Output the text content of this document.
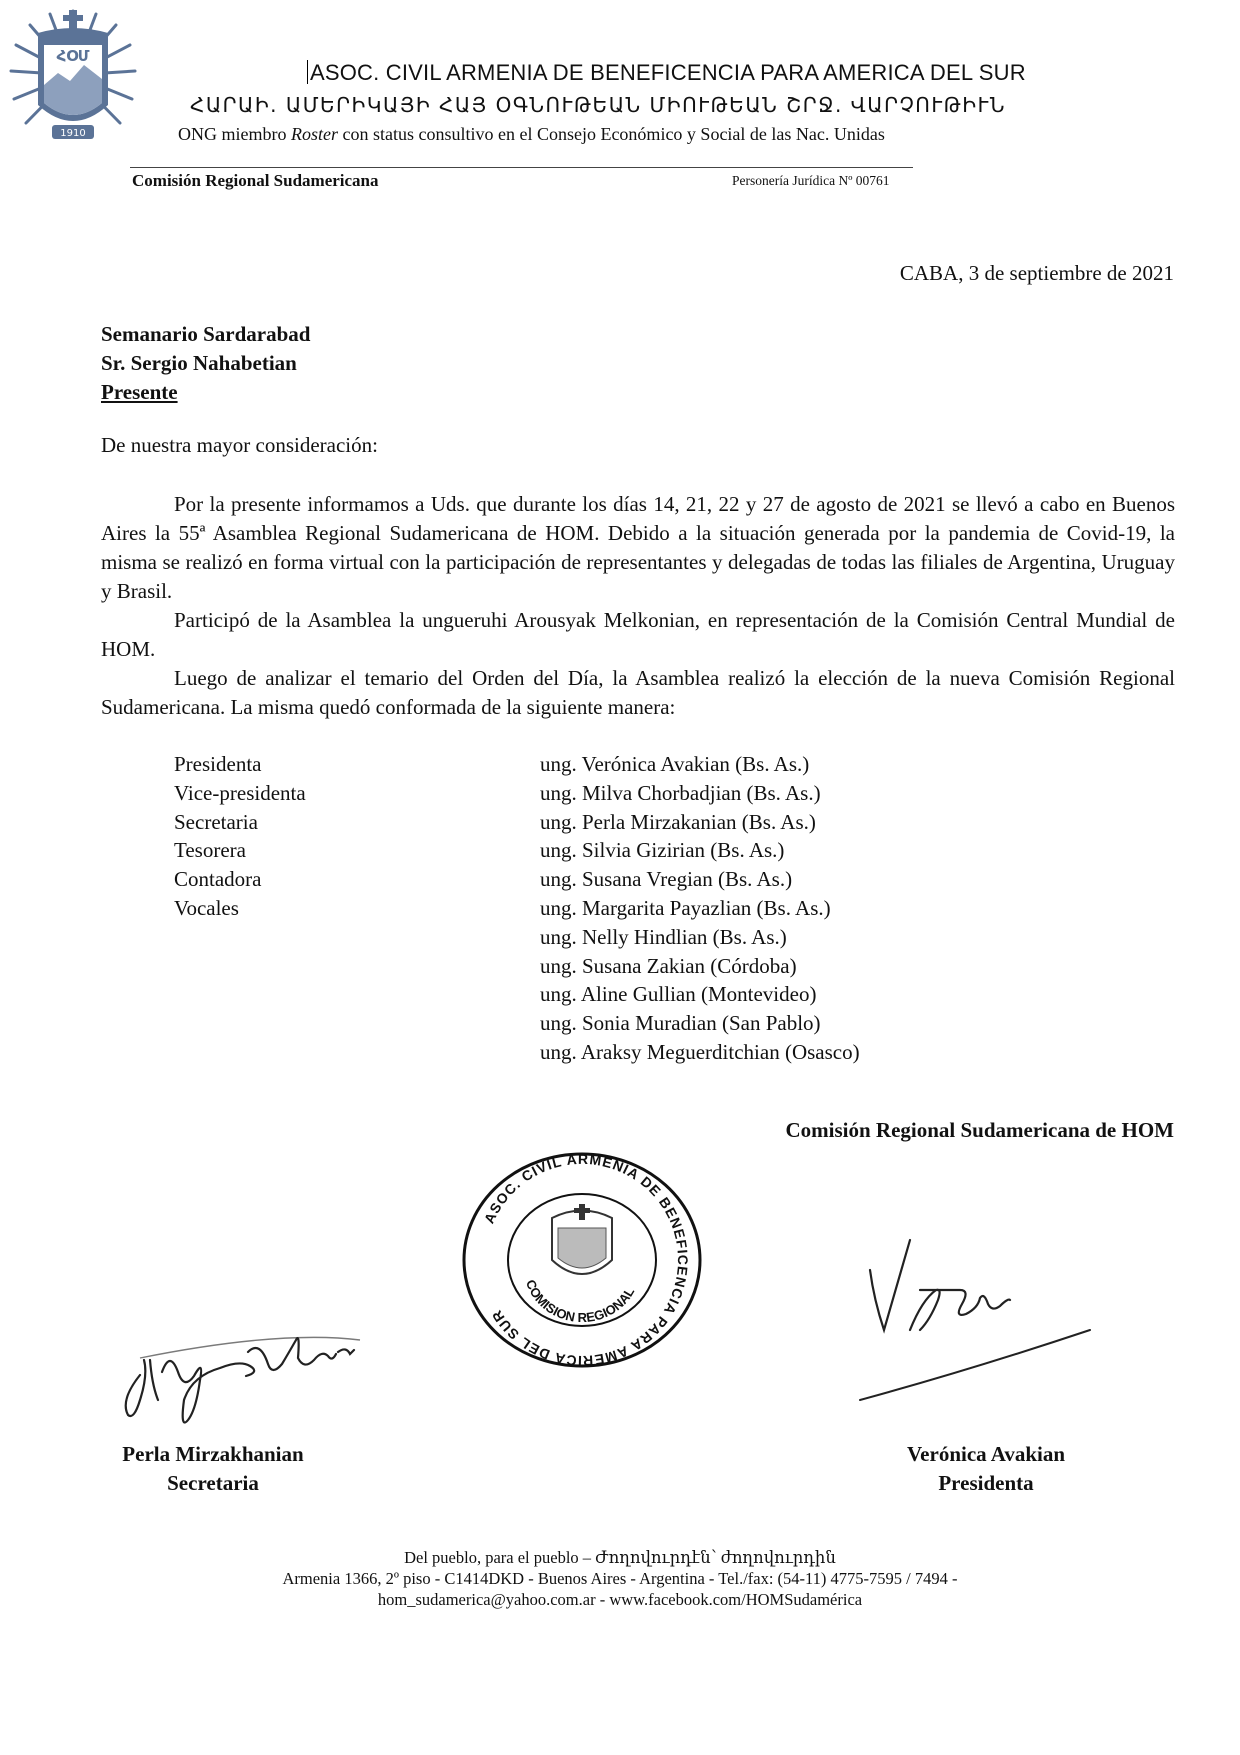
ՀՕՄ
1910
ASOC. CIVIL ARMENIA DE BENEFICENCIA PARA AMERICA DEL SUR
ՀԱՐԱԻ. ԱՄԵՐԻԿԱՅԻ ՀԱՅ ՕԳՆՈՒԹԵԱՆ ՄԻՈՒԹԵԱՆ ՇՐՋ. ՎԱՐՉՈՒԹԻՒՆ
ONG miembro Roster con status consultivo en el Consejo Económico y Social de las Nac. Unidas
Comisión Regional Sudamericana	Personería Jurídica Nº 00761
CABA, 3 de septiembre de 2021
Semanario Sardarabad
Sr. Sergio Nahabetian
Presente
De nuestra mayor consideración:

Por la presente informamos a Uds. que durante los días 14, 21, 22 y 27 de agosto de 2021 se llevó a cabo en Buenos Aires la 55ª Asamblea Regional Sudamericana de HOM. Debido a la situación generada por la pandemia de Covid-19, la misma se realizó en forma virtual con la participación de representantes y delegadas de todas las filiales de Argentina, Uruguay y Brasil.

Participó de la Asamblea la ungueruhi Arousyak Melkonian, en representación de la Comisión Central Mundial de HOM.

Luego de analizar el temario del Orden del Día, la Asamblea realizó la elección de la nueva Comisión Regional Sudamericana. La misma quedó conformada de la siguiente manera:

Presidenta
Vice-presidenta
Secretaria
Tesorera
Contadora
Vocales
ung. Verónica Avakian (Bs. As.)
ung. Milva Chorbadjian (Bs. As.)
ung. Perla Mirzakanian (Bs. As.)
ung. Silvia Gizirian (Bs. As.)
ung. Susana Vregian (Bs. As.)
ung. Margarita Payazlian (Bs. As.)
ung. Nelly Hindlian (Bs. As.)
ung. Susana Zakian (Córdoba)
ung. Aline Gullian (Montevideo)
ung. Sonia Muradian (San Pablo)
ung. Araksy Meguerditchian (Osasco)
Comisión Regional Sudamericana de HOM
ASOC. CIVIL ARMENIA DE BENEFICENCIA PARA AMERICA DEL SUR
COMISION REGIONAL
Perla Mirzakhanian
Secretaria
Verónica Avakian
Presidenta
Del pueblo, para el pueblo – Ժողովուրդէն՝ ժողովուրդին
Armenia 1366, 2º piso - C1414DKD - Buenos Aires - Argentina - Tel./fax: (54-11) 4775-7595 / 7494 -
hom_sudamerica@yahoo.com.ar - www.facebook.com/HOMSudamérica
